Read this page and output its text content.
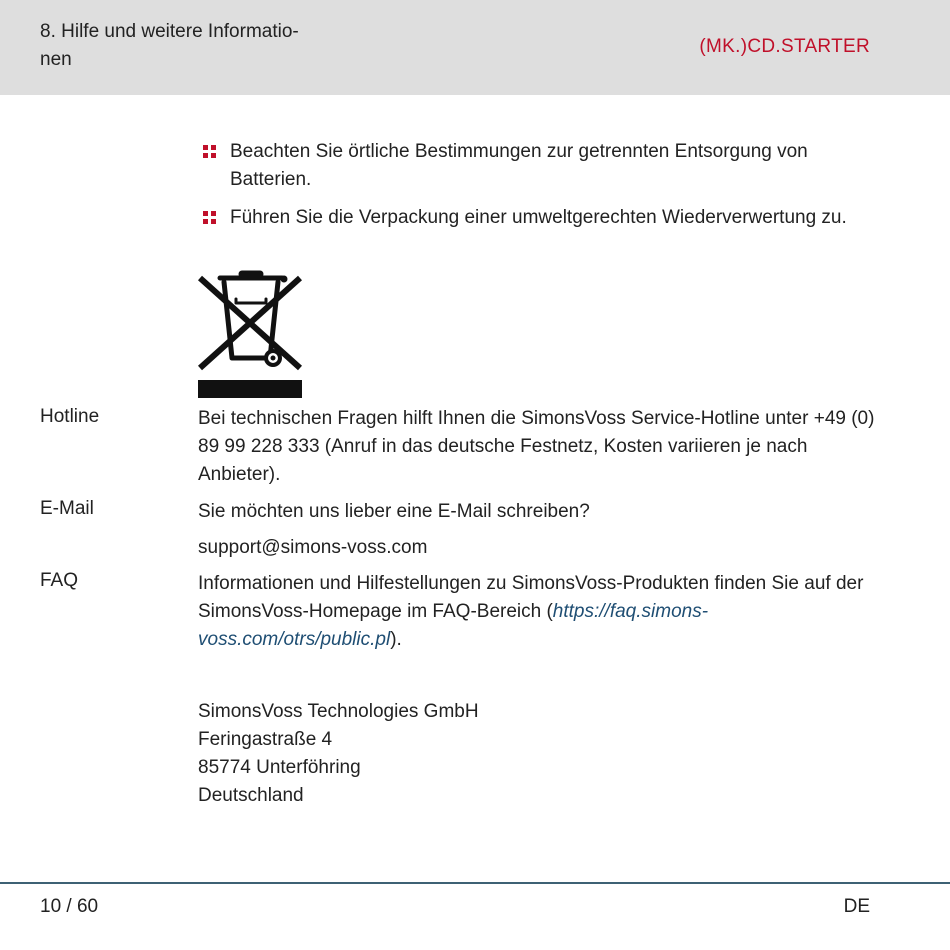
8. Hilfe und weitere Informatio-
nen
(MK.)CD.STARTER
Beachten Sie örtliche Bestimmungen zur getrennten Entsorgung von Batterien.
Führen Sie die Verpackung einer umweltgerechten Wiederverwertung zu.
Hotline	Bei technischen Fragen hilft Ihnen die SimonsVoss Service-Hotline unter +49 (0) 89 99 228 333 (Anruf in das deutsche Festnetz, Kosten variieren je nach Anbieter).
E-Mail	Sie möchten uns lieber eine E-Mail schreiben?
support@simons-voss.com
FAQ	Informationen und Hilfestellungen zu SimonsVoss-Produkten finden Sie auf der SimonsVoss-Homepage im FAQ-Bereich (https://faq.simons-voss.com/otrs/public.pl).
SimonsVoss Technologies GmbH
Feringastraße 4
85774 Unterföhring
Deutschland
10 / 60	DE
